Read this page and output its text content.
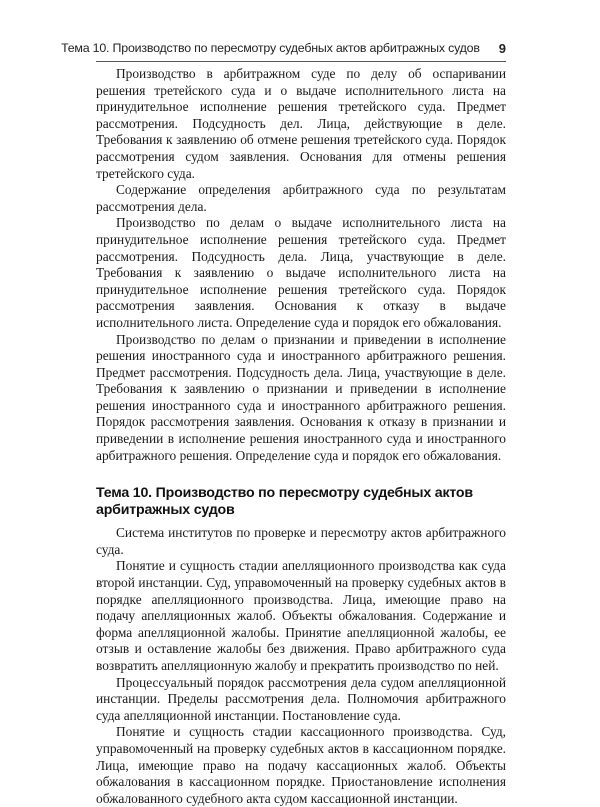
Тема 10. Производство по пересмотру судебных актов арбитражных судов 9

Производство в арбитражном суде по делу об оспаривании решения третейского суда и о выдаче исполнительного листа на принудительное исполнение решения третейского суда. Предмет рассмотрения. Подсудность дел. Лица, действующие в деле. Требования к заявлению об отмене решения третейского суда. Порядок рассмотрения судом заявления. Основания для отмены решения третейского суда.

Содержание определения арбитражного суда по результатам рассмотрения дела.

Производство по делам о выдаче исполнительного листа на принудительное исполнение решения третейского суда. Предмет рассмотрения. Подсудность дела. Лица, участвующие в деле. Требования к заявлению о выдаче исполнительного листа на принудительное исполнение решения третейского суда. Порядок рассмотрения заявления. Основания к отказу в выдаче исполнительного листа. Определение суда и порядок его обжалования.

Производство по делам о признании и приведении в исполнение решения иностранного суда и иностранного арбитражного решения. Предмет рассмотрения. Подсудность дела. Лица, участвующие в деле. Требования к заявлению о признании и приведении в исполнение решения иностранного суда и иностранного арбитражного решения. Порядок рассмотрения заявления. Основания к отказу в признании и приведении в исполнение решения иностранного суда и иностранного арбитражного решения. Определение суда и порядок его обжалования.

Тема 10. Производство по пересмотру судебных актов арбитражных судов

Система институтов по проверке и пересмотру актов арбитражного суда.

Понятие и сущность стадии апелляционного производства как суда второй инстанции. Суд, управомоченный на проверку судебных актов в порядке апелляционного производства. Лица, имеющие право на подачу апелляционных жалоб. Объекты обжалования. Содержание и форма апелляционной жалобы. Принятие апелляционной жалобы, ее отзыв и оставление жалобы без движения. Право арбитражного суда возвратить апелляционную жалобу и прекратить производство по ней.

Процессуальный порядок рассмотрения дела судом апелляционной инстанции. Пределы рассмотрения дела. Полномочия арбитражного суда апелляционной инстанции. Постановление суда.

Понятие и сущность стадии кассационного производства. Суд, управомоченный на проверку судебных актов в кассационном порядке. Лица, имеющие право на подачу кассационных жалоб. Объекты обжалования в кассационном порядке. Приостановление исполнения обжалованного судебного акта судом кассационной инстанции.
